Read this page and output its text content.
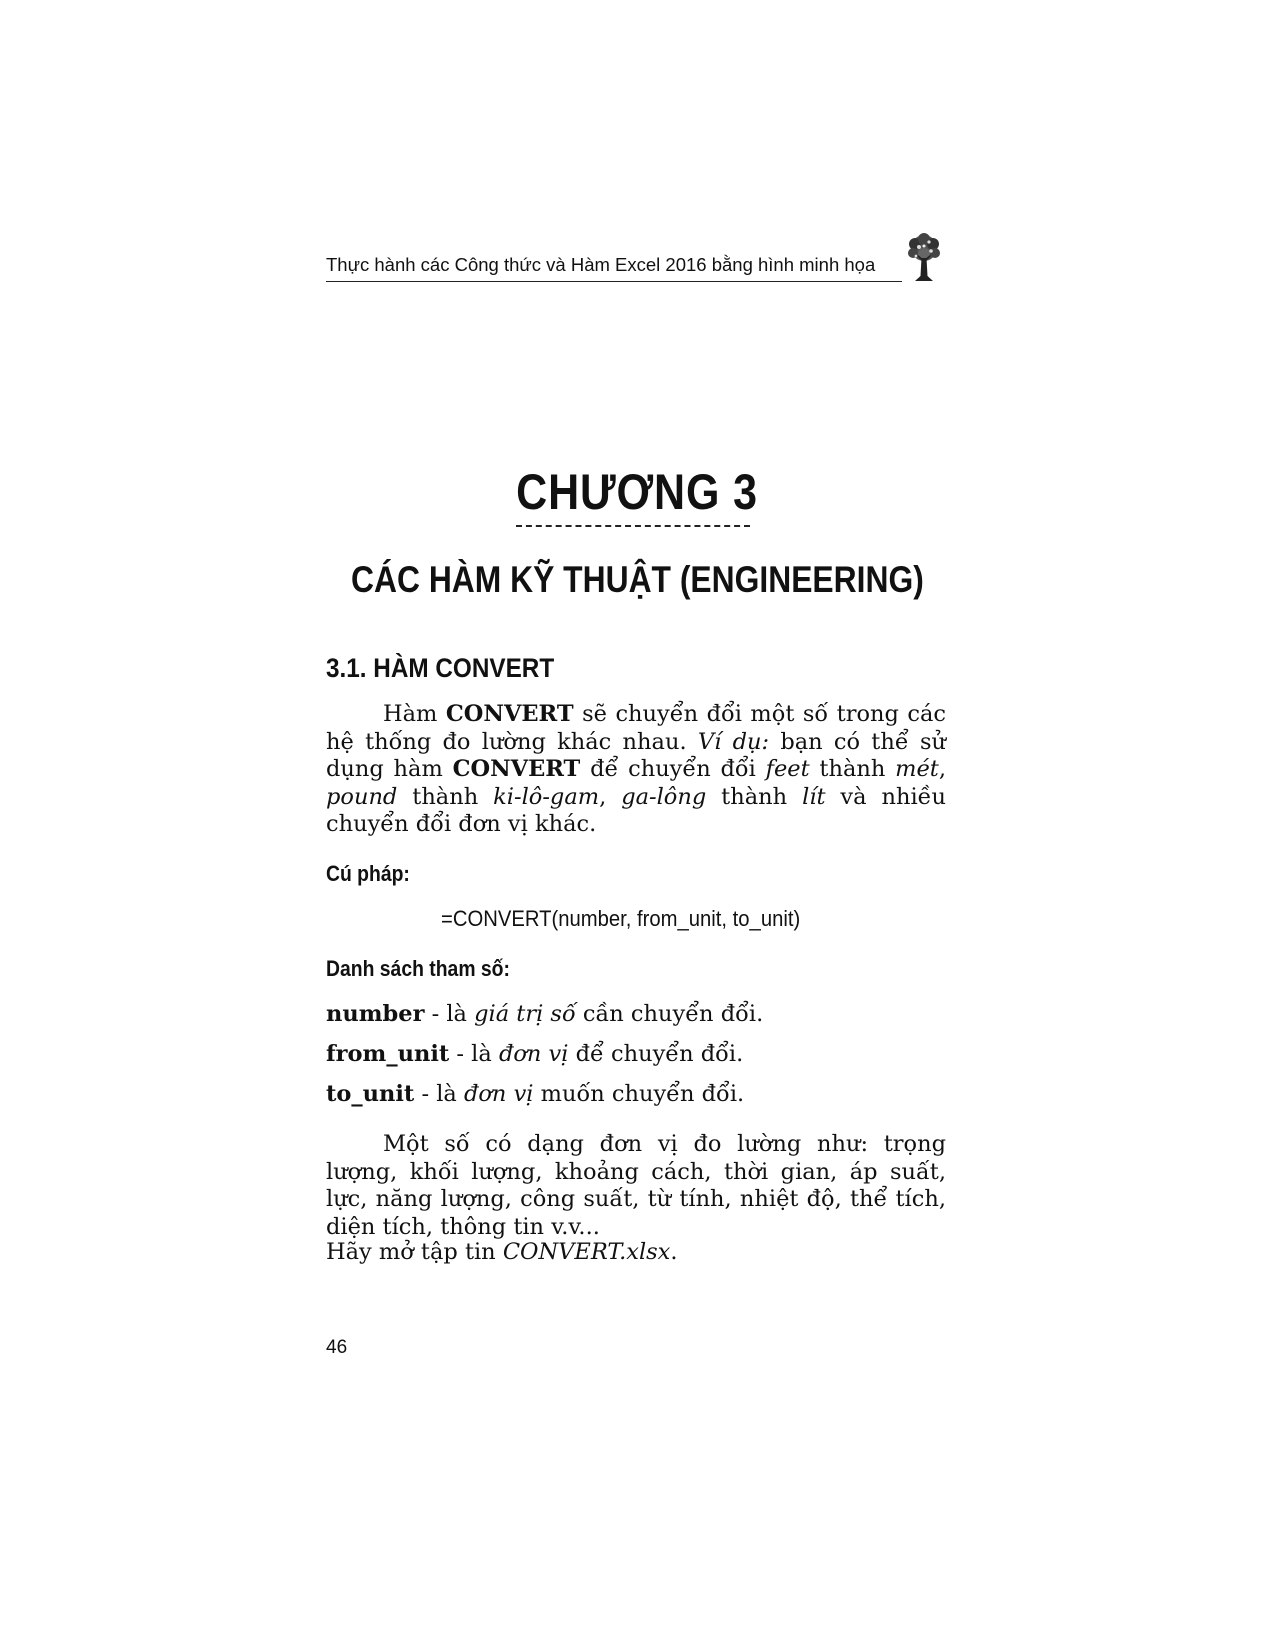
Thực hành các Công thức và Hàm Excel 2016 bằng hình minh họa
CHƯƠNG 3
CÁC HÀM KỸ THUẬT (ENGINEERING)
3.1. HÀM CONVERT

Hàm CONVERT sẽ chuyển đổi một số trong các hệ thống đo lường khác nhau. Ví dụ: bạn có thể sử dụng hàm CONVERT để chuyển đổi feet thành mét, pound thành ki-lô-gam, ga-lông thành lít và nhiều chuyển đổi đơn vị khác.

Cú pháp:
=CONVERT(number, from_unit, to_unit)
Danh sách tham số:
number - là giá trị số cần chuyển đổi.
from_unit - là đơn vị để chuyển đổi.
to_unit - là đơn vị muốn chuyển đổi.

Một số có dạng đơn vị đo lường như: trọng lượng, khối lượng, khoảng cách, thời gian, áp suất, lực, năng lượng, công suất, từ tính, nhiệt độ, thể tích, diện tích, thông tin v.v...

Hãy mở tập tin CONVERT.xlsx.

46
